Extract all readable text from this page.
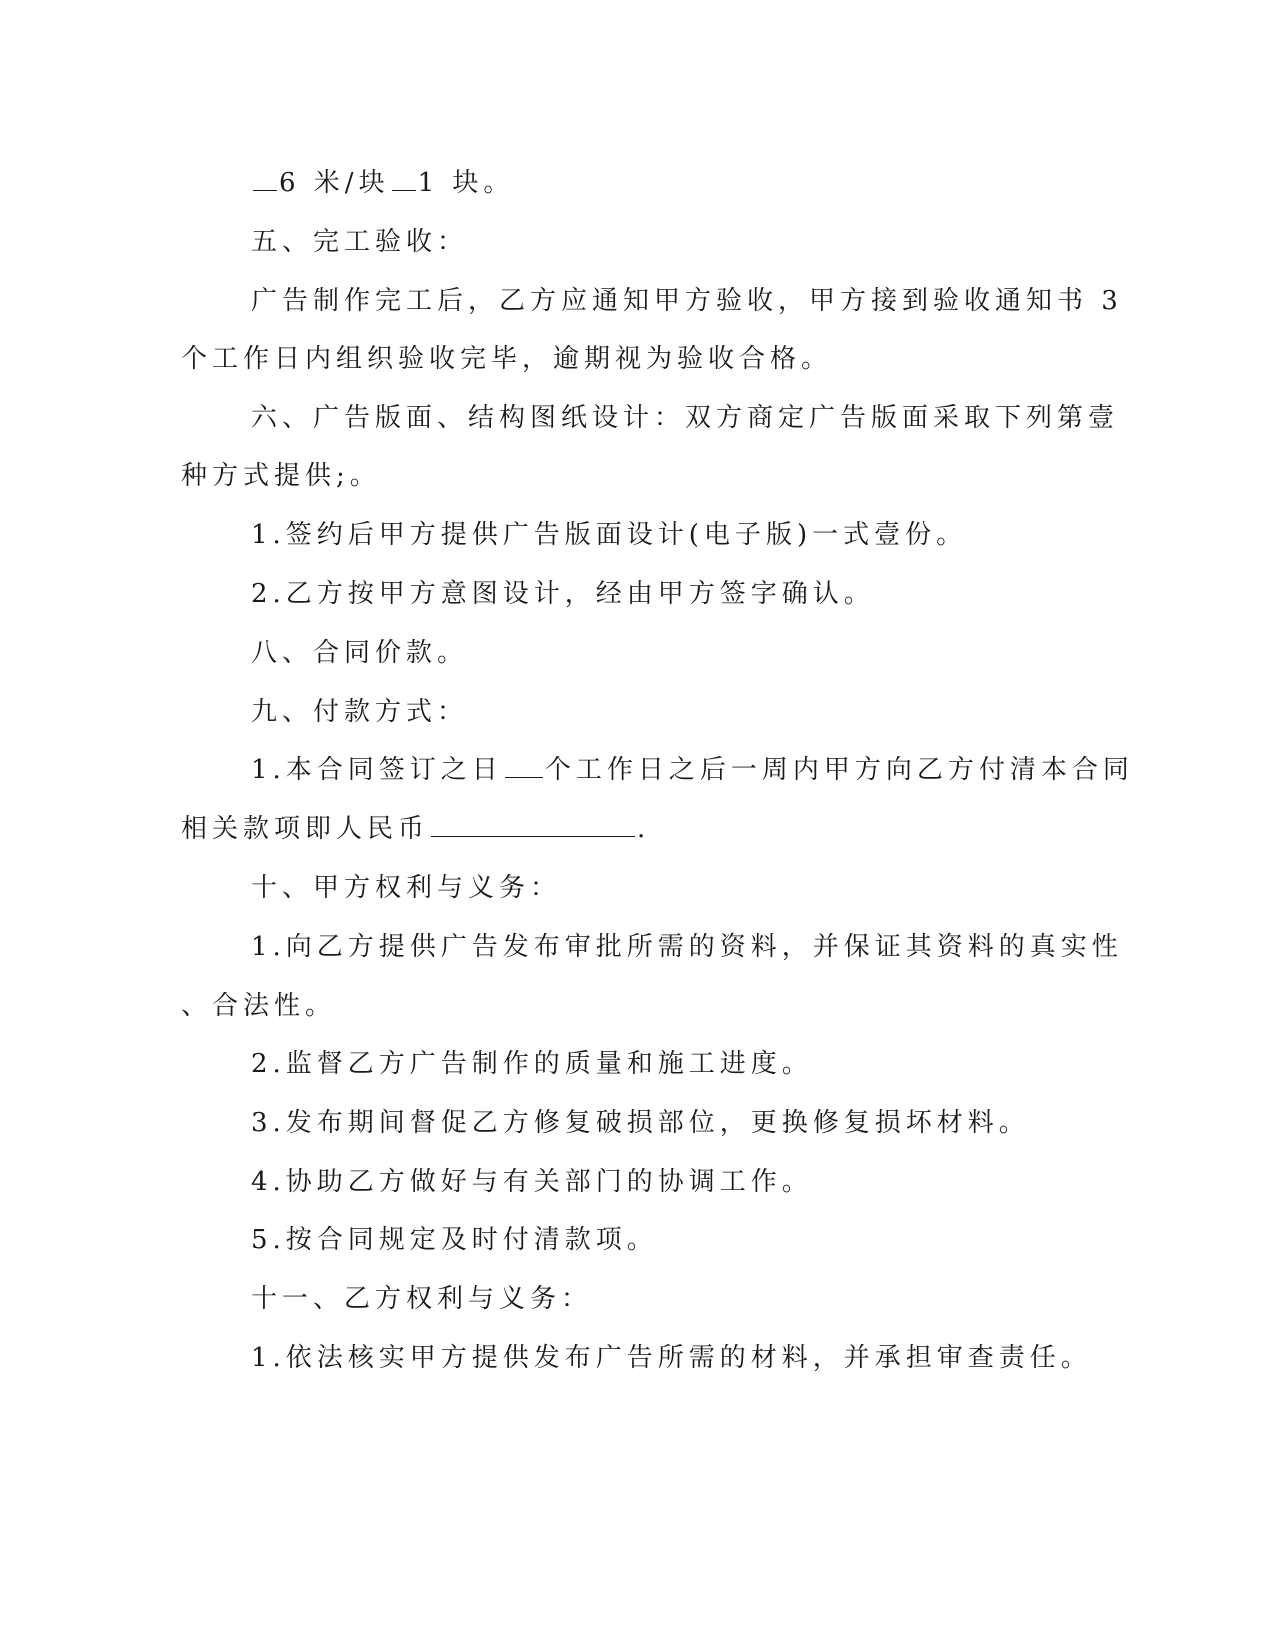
6 米/块 1 块。
五、完工验收：
广告制作完工后，乙方应通知甲方验收，甲方接到验收通知书 3
个工作日内组织验收完毕，逾期视为验收合格。
六、广告版面、结构图纸设计：双方商定广告版面采取下列第壹
种方式提供;。
1.签约后甲方提供广告版面设计(电子版)一式壹份。
2.乙方按甲方意图设计，经由甲方签字确认。
八、合同价款。
九、付款方式：
1.本合同签订之日 个工作日之后一周内甲方向乙方付清本合同
相关款项即人民币	.
十、甲方权利与义务：
1.向乙方提供广告发布审批所需的资料，并保证其资料的真实性
、合法性。
2.监督乙方广告制作的质量和施工进度。
3.发布期间督促乙方修复破损部位，更换修复损坏材料。
4.协助乙方做好与有关部门的协调工作。
5.按合同规定及时付清款项。
十一、乙方权利与义务：
1.依法核实甲方提供发布广告所需的材料，并承担审查责任。
